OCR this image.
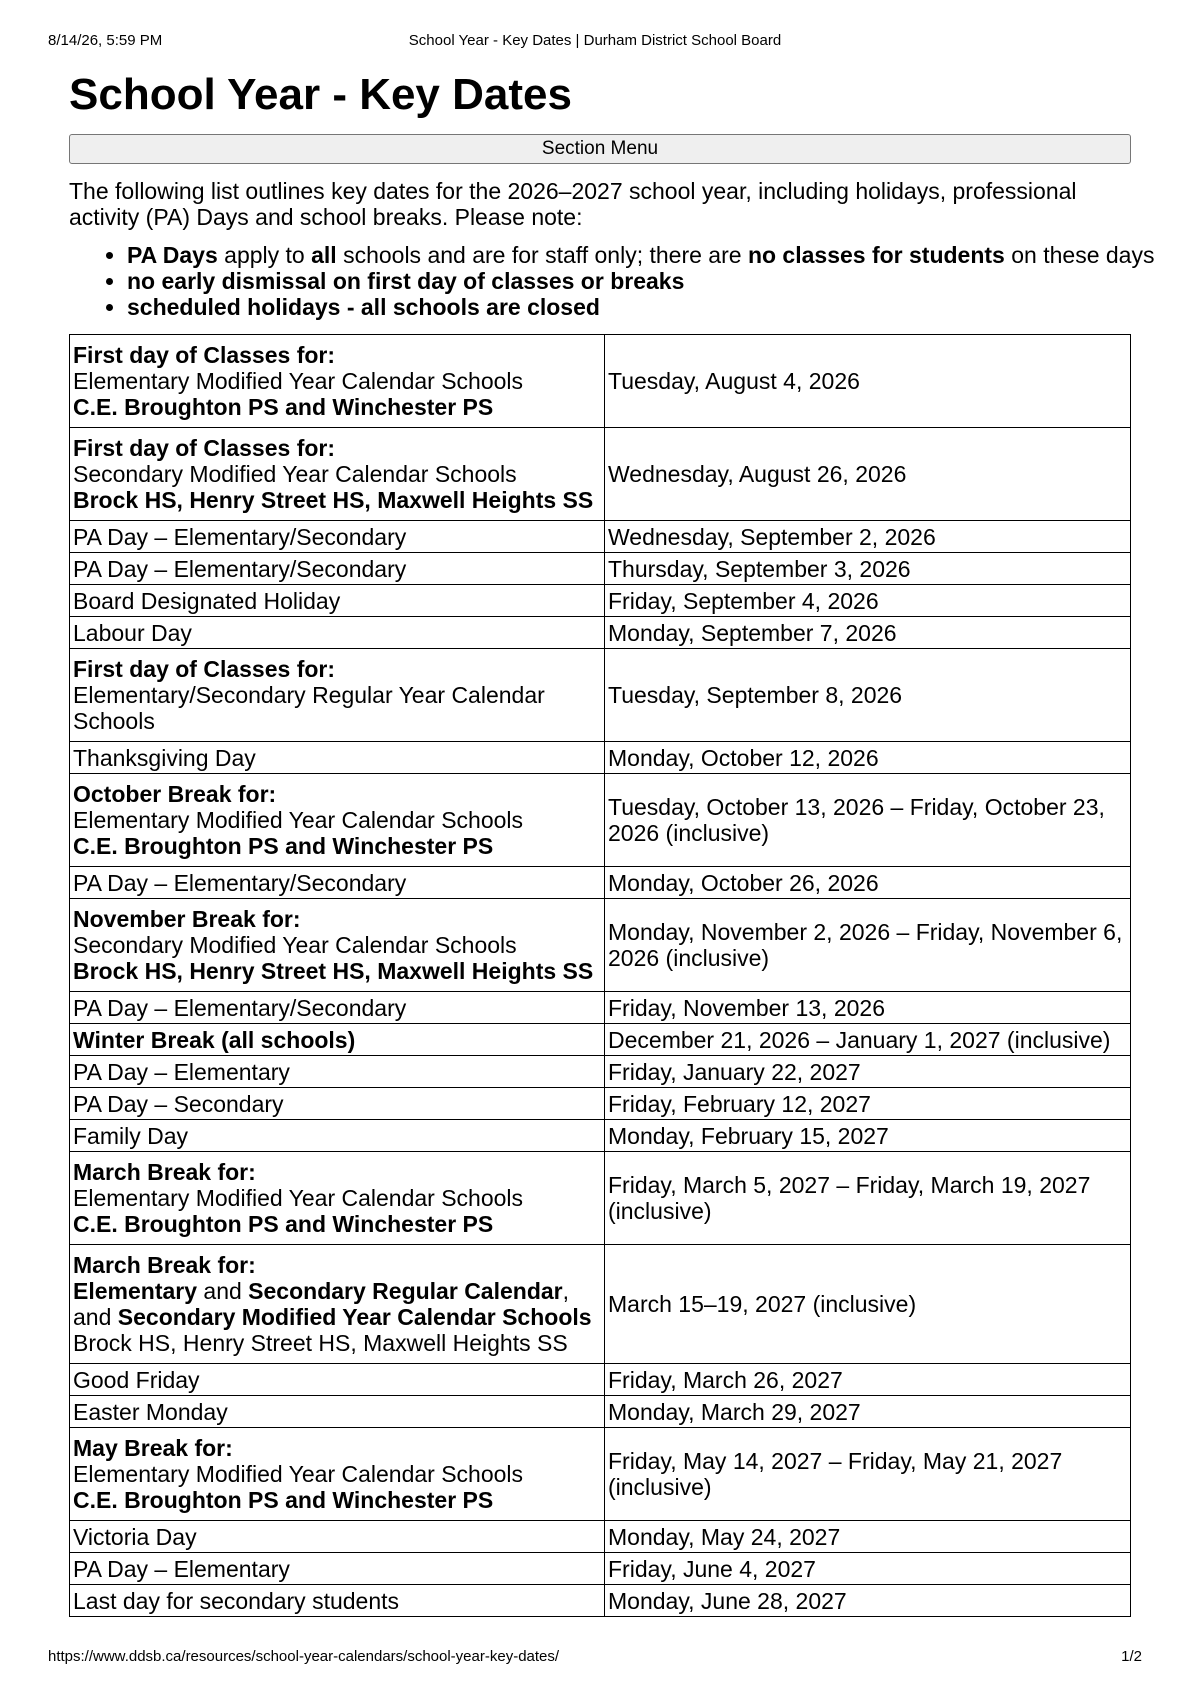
8/14/26, 5:59 PM	School Year - Key Dates | Durham District School Board
School Year - Key Dates
Section Menu

The following list outlines key dates for the 2026–2027 school year, including holidays, professional activity (PA) Days and school breaks. Please note:

• PA Days apply to all schools and are for staff only; there are no classes for students on these days
• no early dismissal on first day of classes or breaks
• scheduled holidays - all schools are closed
First day of Classes for:
Elementary Modified Year Calendar Schools
C.E. Broughton PS and Winchester PS	Tuesday, August 4, 2026

First day of Classes for:
Secondary Modified Year Calendar Schools
Brock HS, Henry Street HS, Maxwell Heights SS	Wednesday, August 26, 2026
PA Day – Elementary/Secondary	Wednesday, September 2, 2026
PA Day – Elementary/Secondary	Thursday, September 3, 2026
Board Designated Holiday	Friday, September 4, 2026
Labour Day	Monday, September 7, 2026

First day of Classes for:
Elementary/Secondary Regular Year Calendar Schools	Tuesday, September 8, 2026
Thanksgiving Day	Monday, October 12, 2026

October Break for:
Elementary Modified Year Calendar Schools
C.E. Broughton PS and Winchester PS	Tuesday, October 13, 2026 – Friday, October 23, 2026 (inclusive)
PA Day – Elementary/Secondary	Monday, October 26, 2026

November Break for:
Secondary Modified Year Calendar Schools
Brock HS, Henry Street HS, Maxwell Heights SS	Monday, November 2, 2026 – Friday, November 6, 2026 (inclusive)
PA Day – Elementary/Secondary	Friday, November 13, 2026
Winter Break (all schools)	December 21, 2026 – January 1, 2027 (inclusive)
PA Day – Elementary	Friday, January 22, 2027
PA Day – Secondary	Friday, February 12, 2027
Family Day	Monday, February 15, 2027

March Break for:
Elementary Modified Year Calendar Schools
C.E. Broughton PS and Winchester PS	Friday, March 5, 2027 – Friday, March 19, 2027 (inclusive)

March Break for:
Elementary and Secondary Regular Calendar,
and Secondary Modified Year Calendar Schools
Brock HS, Henry Street HS, Maxwell Heights SS	March 15–19, 2027 (inclusive)
Good Friday	Friday, March 26, 2027
Easter Monday	Monday, March 29, 2027

May Break for:
Elementary Modified Year Calendar Schools
C.E. Broughton PS and Winchester PS	Friday, May 14, 2027 – Friday, May 21, 2027 (inclusive)
Victoria Day	Monday, May 24, 2027
PA Day – Elementary	Friday, June 4, 2027
Last day for secondary students	Monday, June 28, 2027
https://www.ddsb.ca/resources/school-year-calendars/school-year-key-dates/	1/2
